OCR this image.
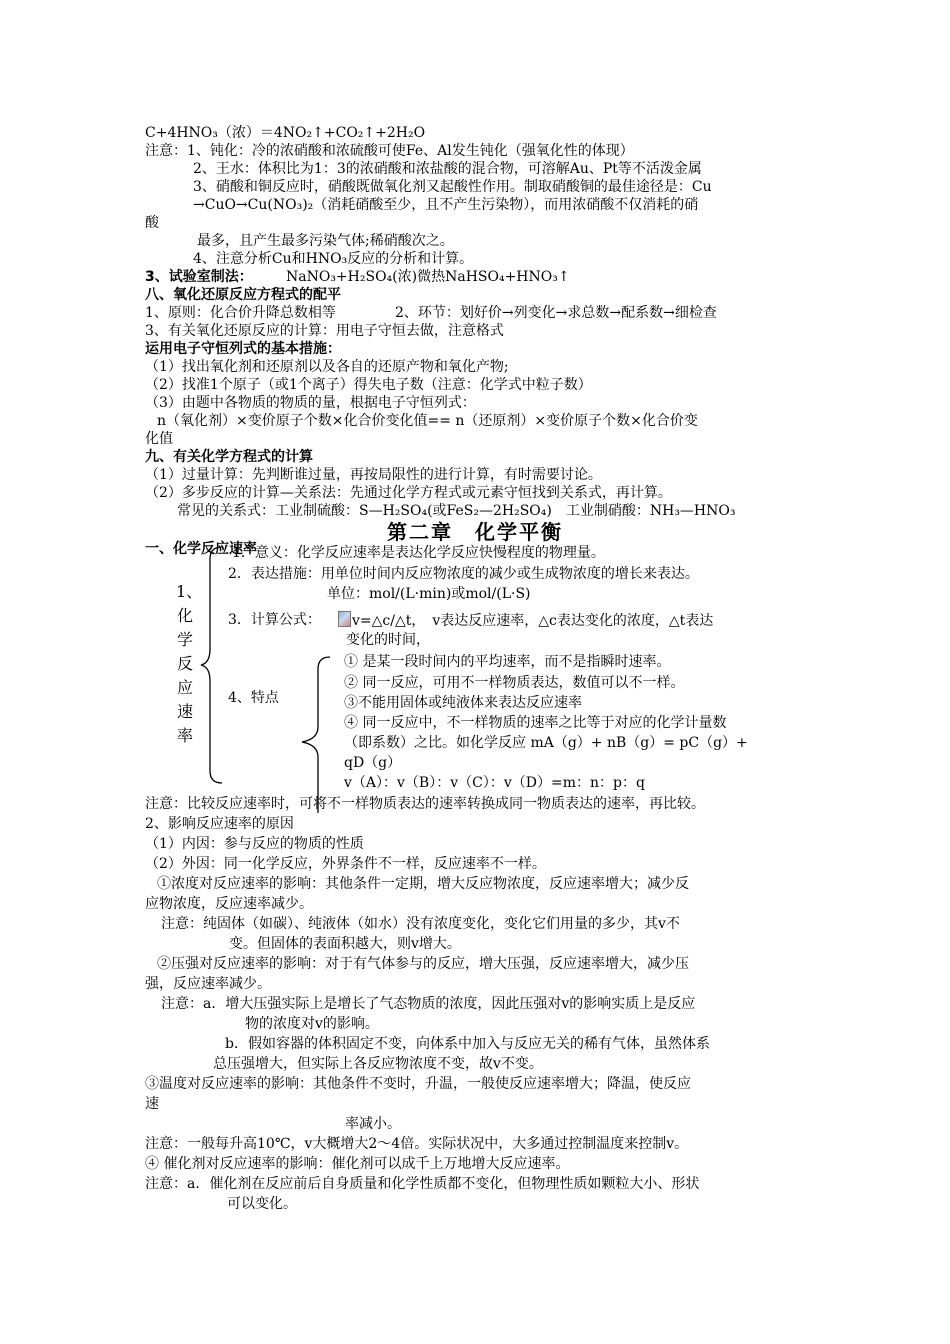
C+4HNO₃（浓）＝4NO₂↑+CO₂↑+2H₂O
注意：1、钝化：冷的浓硝酸和浓硫酸可使Fe、Al发生钝化（强氧化性的体现）
2、王水：体积比为1：3的浓硝酸和浓盐酸的混合物，可溶解Au、Pt等不活泼金属
3、硝酸和铜反应时，硝酸既做氧化剂又起酸性作用。制取硝酸铜的最佳途径是：Cu
→CuO→Cu(NO₃)₂（消耗硝酸至少，且不产生污染物），而用浓硝酸不仅消耗的硝
酸
最多，且产生最多污染气体;稀硝酸次之。
4、注意分析Cu和HNO₃反应的分析和计算。
3、试验室制法： NaNO₃+H₂SO₄(浓)微热NaHSO₄+HNO₃↑
八、氧化还原反应方程式的配平
1、原则：化合价升降总数相等	2、环节：划好价→列变化→求总数→配系数→细检查
3、有关氧化还原反应的计算：用电子守恒去做，注意格式
运用电子守恒列式的基本措施：
（1）找出氧化剂和还原剂以及各自的还原产物和氧化产物;
（2）找准1个原子（或1个离子）得失电子数（注意：化学式中粒子数）
（3）由题中各物质的物质的量，根据电子守恒列式：
n（氧化剂）×变价原子个数×化合价变化值== n（还原剂）×变价原子个数×化合价变
化值
九、有关化学方程式的计算
（1）过量计算：先判断谁过量，再按局限性的进行计算，有时需要讨论。
（2）多步反应的计算—关系法：先通过化学方程式或元素守恒找到关系式，再计算。
常见的关系式：工业制硫酸：S—H₂SO₄(或FeS₂—2H₂SO₄)　工业制硝酸：NH₃—HNO₃
第二章　化学平衡
一、化学反应速率
1、化学反应速率
1．意义：化学反应速率是表达化学反应快慢程度的物理量。
2．表达措施：用单位时间内反应物浓度的减少或生成物浓度的增长来表达。
单位：mol/(L·min)或mol/(L·S)
3．计算公式：	v=△c/△t，　v表达反应速率，△c表达变化的浓度，△t表达
变化的时间，
4、特点
① 是某一段时间内的平均速率，而不是指瞬时速率。
② 同一反应，可用不一样物质表达，数值可以不一样。
③不能用固体或纯液体来表达反应速率
④ 同一反应中，不一样物质的速率之比等于对应的化学计量数
（即系数）之比。如化学反应 mA（g）+ nB（g）= pC（g）+
qD（g）
v（A）：v（B）：v（C）：v（D）=m：n：p：q
注意：比较反应速率时，可将不一样物质表达的速率转换成同一物质表达的速率，再比较。
2、影响反应速率的原因
（1）内因：参与反应的物质的性质
（2）外因：同一化学反应，外界条件不一样，反应速率不一样。
①浓度对反应速率的影响：其他条件一定期，增大反应物浓度，反应速率增大；减少反
应物浓度，反应速率减少。
注意：纯固体（如碳）、纯液体（如水）没有浓度变化，变化它们用量的多少，其v不
变。但固体的表面积越大，则v增大。
②压强对反应速率的影响：对于有气体参与的反应，增大压强，反应速率增大，减少压
强，反应速率减少。
注意：a．增大压强实际上是增长了气态物质的浓度，因此压强对v的影响实质上是反应
物的浓度对v的影响。
b．假如容器的体积固定不变，向体系中加入与反应无关的稀有气体，虽然体系
总压强增大，但实际上各反应物浓度不变，故v不变。
③温度对反应速率的影响：其他条件不变时，升温，一般使反应速率增大；降温，使反应
速
率减小。
注意：一般每升高10℃，v大概增大2～4倍。实际状况中，大多通过控制温度来控制v。
④ 催化剂对反应速率的影响：催化剂可以成千上万地增大反应速率。
注意：a．催化剂在反应前后自身质量和化学性质都不变化，但物理性质如颗粒大小、形状
可以变化。
